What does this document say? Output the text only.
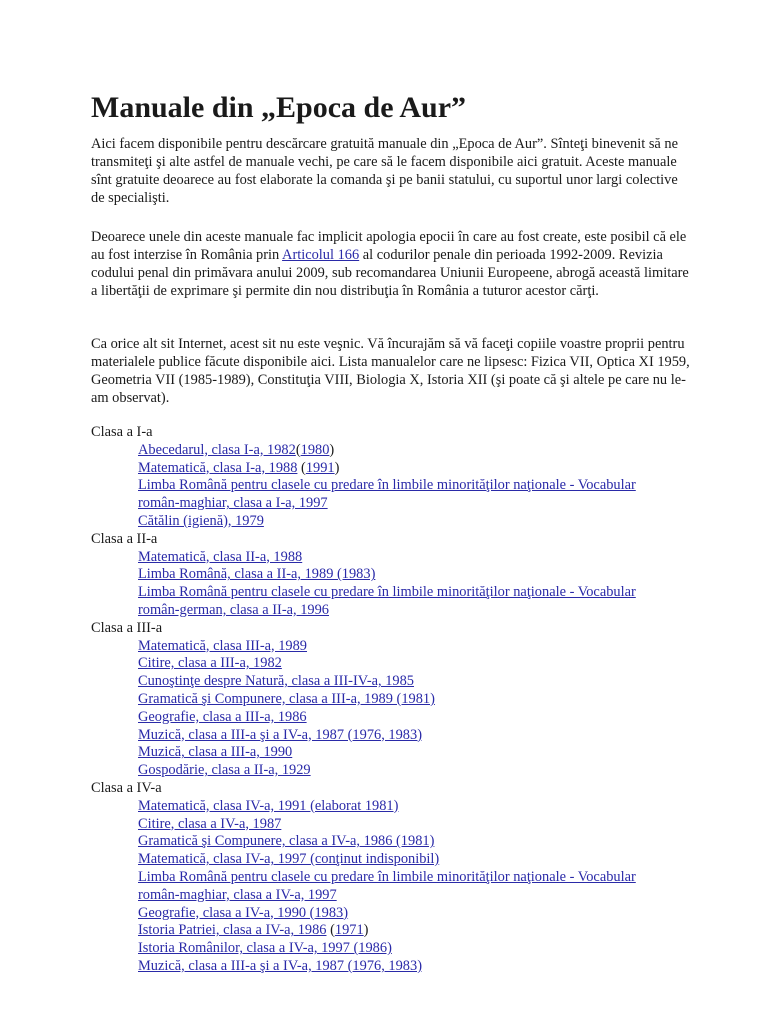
Manuale din „Epoca de Aur”

Aici facem disponibile pentru descărcare gratuită manuale din „Epoca de Aur”. Sînteţi binevenit să ne transmiteţi şi alte astfel de manuale vechi, pe care să le facem disponibile aici gratuit. Aceste manuale sînt gratuite deoarece au fost elaborate la comanda şi pe banii statului, cu suportul unor largi colective de specialişti.

Deoarece unele din aceste manuale fac implicit apologia epocii în care au fost create, este posibil că ele au fost interzise în România prin Articolul 166 al codurilor penale din perioada 1992-2009. Revizia codului penal din primăvara anului 2009, sub recomandarea Uniunii Europeene, abrogă această limitare a libertăţii de exprimare şi permite din nou distribuţia în România a tuturor acestor cărţi.

Ca orice alt sit Internet, acest sit nu este veşnic. Vă încurajăm să vă faceţi copiile voastre proprii pentru materialele publice făcute disponibile aici. Lista manualelor care ne lipsesc: Fizica VII, Optica XI 1959, Geometria VII (1985-1989), Constituţia VIII, Biologia X, Istoria XII (şi poate că şi altele pe care nu le-am observat).

Clasa a I-a
Abecedarul, clasa I-a, 1982(1980)
Matematică, clasa I-a, 1988 (1991)
Limba Română pentru clasele cu predare în limbile minorităţilor naţionale - Vocabular
român-maghiar, clasa a I-a, 1997
Cătălin (igienă), 1979
Clasa a II-a
Matematică, clasa II-a, 1988
Limba Română, clasa a II-a, 1989 (1983)
Limba Română pentru clasele cu predare în limbile minorităţilor naţionale - Vocabular
român-german, clasa a II-a, 1996
Clasa a III-a
Matematică, clasa III-a, 1989
Citire, clasa a III-a, 1982
Cunoştinţe despre Natură, clasa a III-IV-a, 1985
Gramatică şi Compunere, clasa a III-a, 1989 (1981)
Geografie, clasa a III-a, 1986
Muzică, clasa a III-a şi a IV-a, 1987 (1976, 1983)
Muzică, clasa a III-a, 1990
Gospodărie, clasa a II-a, 1929
Clasa a IV-a
Matematică, clasa IV-a, 1991 (elaborat 1981)
Citire, clasa a IV-a, 1987
Gramatică şi Compunere, clasa a IV-a, 1986 (1981)
Matematică, clasa IV-a, 1997 (conţinut indisponibil)
Limba Română pentru clasele cu predare în limbile minorităţilor naţionale - Vocabular
român-maghiar, clasa a IV-a, 1997
Geografie, clasa a IV-a, 1990 (1983)
Istoria Patriei, clasa a IV-a, 1986 (1971)
Istoria Românilor, clasa a IV-a, 1997 (1986)
Muzică, clasa a III-a şi a IV-a, 1987 (1976, 1983)
